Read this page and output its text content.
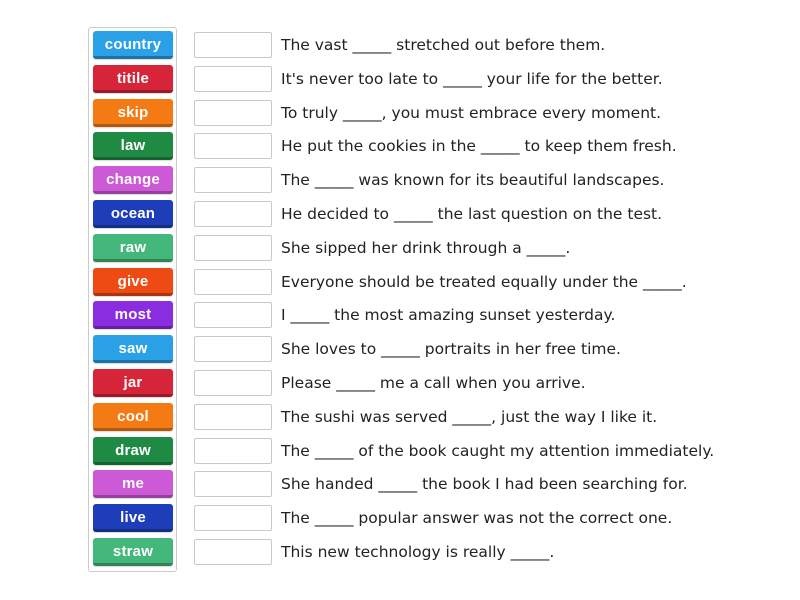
country
titile
skip
law
change
ocean
raw
give
most
saw
jar
cool
draw
me
live
straw
The vast _____ stretched out before them.
It's never too late to _____ your life for the better.
To truly _____, you must embrace every moment.
He put the cookies in the _____ to keep them fresh.
The _____ was known for its beautiful landscapes.
He decided to _____ the last question on the test.
She sipped her drink through a _____.
Everyone should be treated equally under the _____.
I _____ the most amazing sunset yesterday.
She loves to _____ portraits in her free time.
Please _____ me a call when you arrive.
The sushi was served _____, just the way I like it.
The _____ of the book caught my attention immediately.
She handed _____ the book I had been searching for.
The _____ popular answer was not the correct one.
This new technology is really _____.
